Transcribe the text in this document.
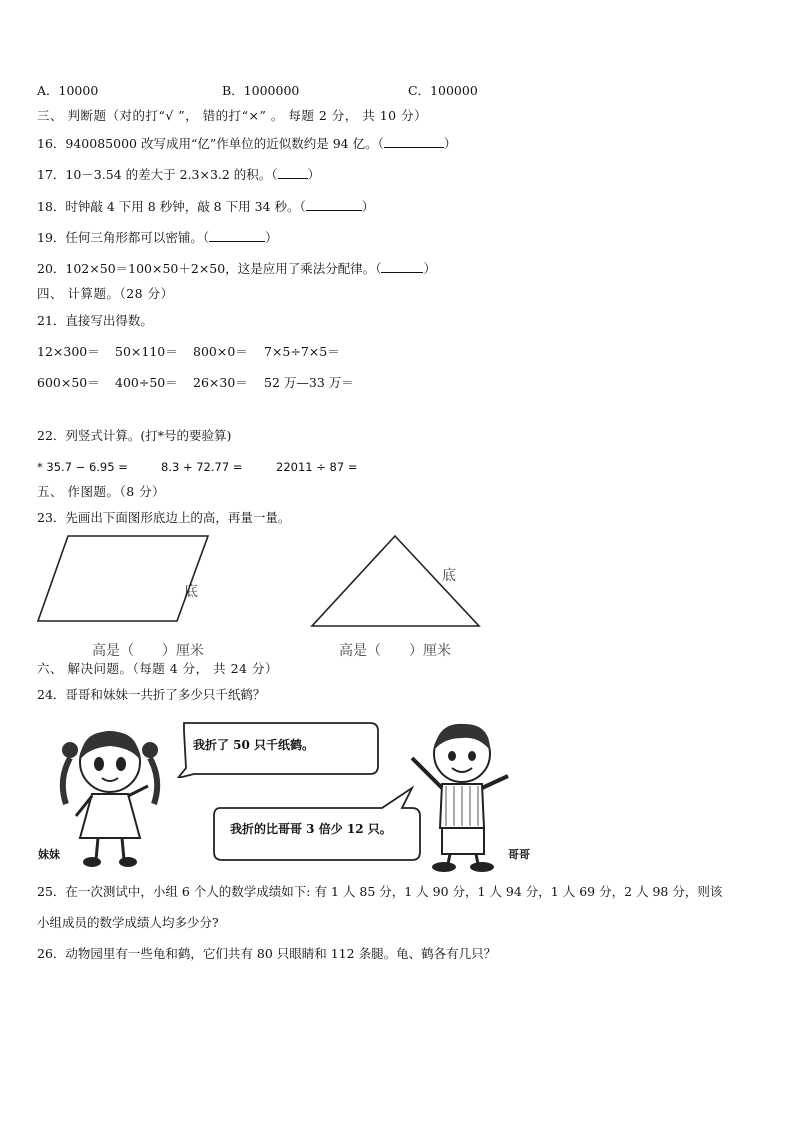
A．10000	B．1000000	C．100000
三、 判断题（对的打“√ ”， 错的打“×” 。 每题 2 分， 共 10 分）
16．940085000 改写成用“亿”作单位的近似数约是 94 亿。（	）
17．10－3.54 的差大于 2.3×3.2 的积。（ ）
18．时钟敲 4 下用 8 秒钟，敲 8 下用 34 秒。（	）
19．任何三角形都可以密铺。（	）
20．102×50＝100×50＋2×50，这是应用了乘法分配律。（	）
四、 计算题。（28 分）
21．直接写出得数。
12×300＝ 50×110＝ 800×0＝ 7×5÷7×5＝
600×50＝ 400÷50＝ 26×30＝ 52 万—33 万＝
22．列竖式计算。(打*号的要验算)
* 35.7 − 6.95 =	8.3 + 72.77 =	22011 ÷ 87 =
五、 作图题。（8 分）
23．先画出下面图形底边上的高，再量一量。
底
底
高是（　　）厘米	高是（　　）厘米
六、 解决问题。（每题 4 分， 共 24 分）
24．哥哥和妹妹一共折了多少只千纸鹤？
妹妹
我折了 50 只千纸鹤。
我折的比哥哥 3 倍少 12 只。
哥哥
25．在一次测试中，小组 6 个人的数学成绩如下: 有 1 人 85 分，1 人 90 分，1 人 94 分，1 人 69 分，2 人 98 分，则该
小组成员的数学成绩人均多少分?
26．动物园里有一些龟和鹤，它们共有 80 只眼睛和 112 条腿。龟、鹤各有几只？
